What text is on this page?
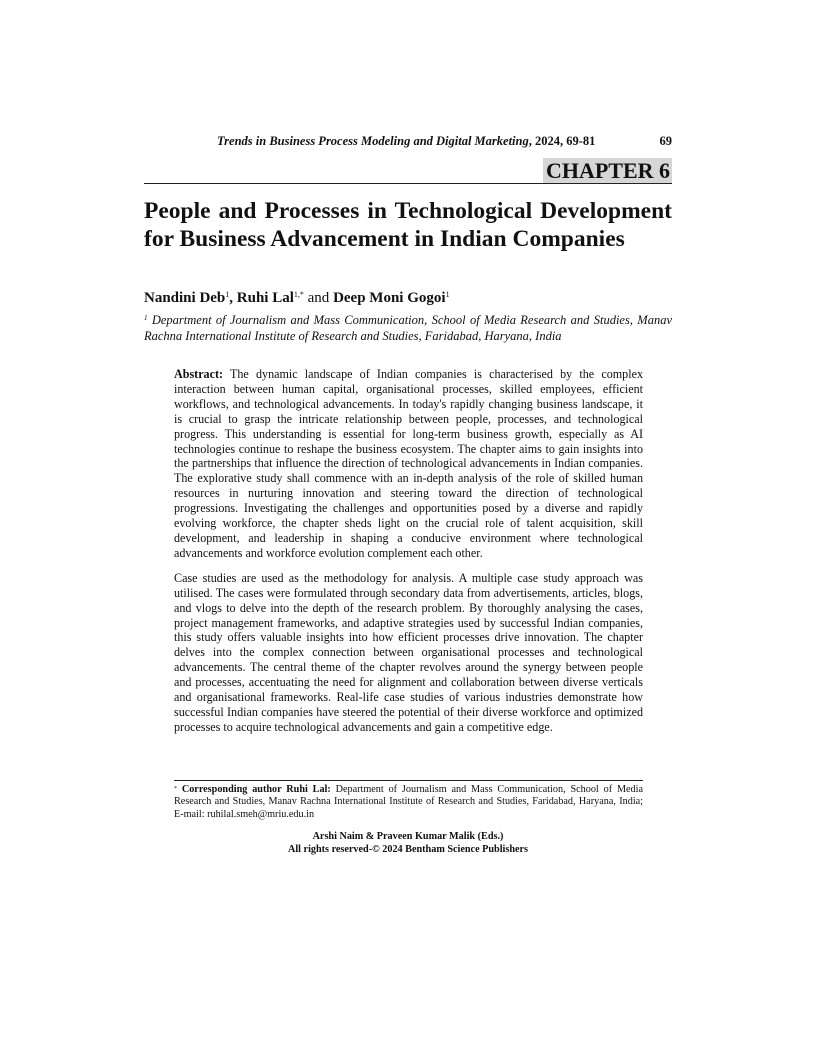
Trends in Business Process Modeling and Digital Marketing, 2024, 69-81	69
CHAPTER 6
People and Processes in Technological Development for Business Advancement in Indian Companies
Nandini Deb$^1$, Ruhi Lal$^{1,*}$ and Deep Moni Gogoi$^1$
$^1$ Department of Journalism and Mass Communication, School of Media Research and Studies, Manav Rachna International Institute of Research and Studies, Faridabad, Haryana, India

Abstract: The dynamic landscape of Indian companies is characterised by the complex interaction between human capital, organisational processes, skilled employees, efficient workflows, and technological advancements. In today's rapidly changing business landscape, it is crucial to grasp the intricate relationship between people, processes, and technological progress. This understanding is essential for long-term business growth, especially as AI technologies continue to reshape the business ecosystem. The chapter aims to gain insights into the partnerships that influence the direction of technological advancements in Indian companies. The explorative study shall commence with an in-depth analysis of the role of skilled human resources in nurturing innovation and steering toward the direction of technological progressions. Investigating the challenges and opportunities posed by a diverse and rapidly evolving workforce, the chapter sheds light on the crucial role of talent acquisition, skill development, and leadership in shaping a conducive environment where technological advancements and workforce evolution complement each other.

Case studies are used as the methodology for analysis. A multiple case study approach was utilised. The cases were formulated through secondary data from advertisements, articles, blogs, and vlogs to delve into the depth of the research problem. By thoroughly analysing the cases, project management frameworks, and adaptive strategies used by successful Indian companies, this study offers valuable insights into how efficient processes drive innovation. The chapter delves into the complex connection between organisational processes and technological advancements. The central theme of the chapter revolves around the synergy between people and processes, accentuating the need for alignment and collaboration between diverse verticals and organisational frameworks. Real-life case studies of various industries demonstrate how successful Indian companies have steered the potential of their diverse workforce and optimized processes to acquire technological advancements and gain a competitive edge.

* Corresponding author Ruhi Lal: Department of Journalism and Mass Communication, School of Media Research and Studies, Manav Rachna International Institute of Research and Studies, Faridabad, Haryana, India; E-mail: ruhilal.smeh@mriu.edu.in
Arshi Naim & Praveen Kumar Malik (Eds.)
All rights reserved-© 2024 Bentham Science Publishers
